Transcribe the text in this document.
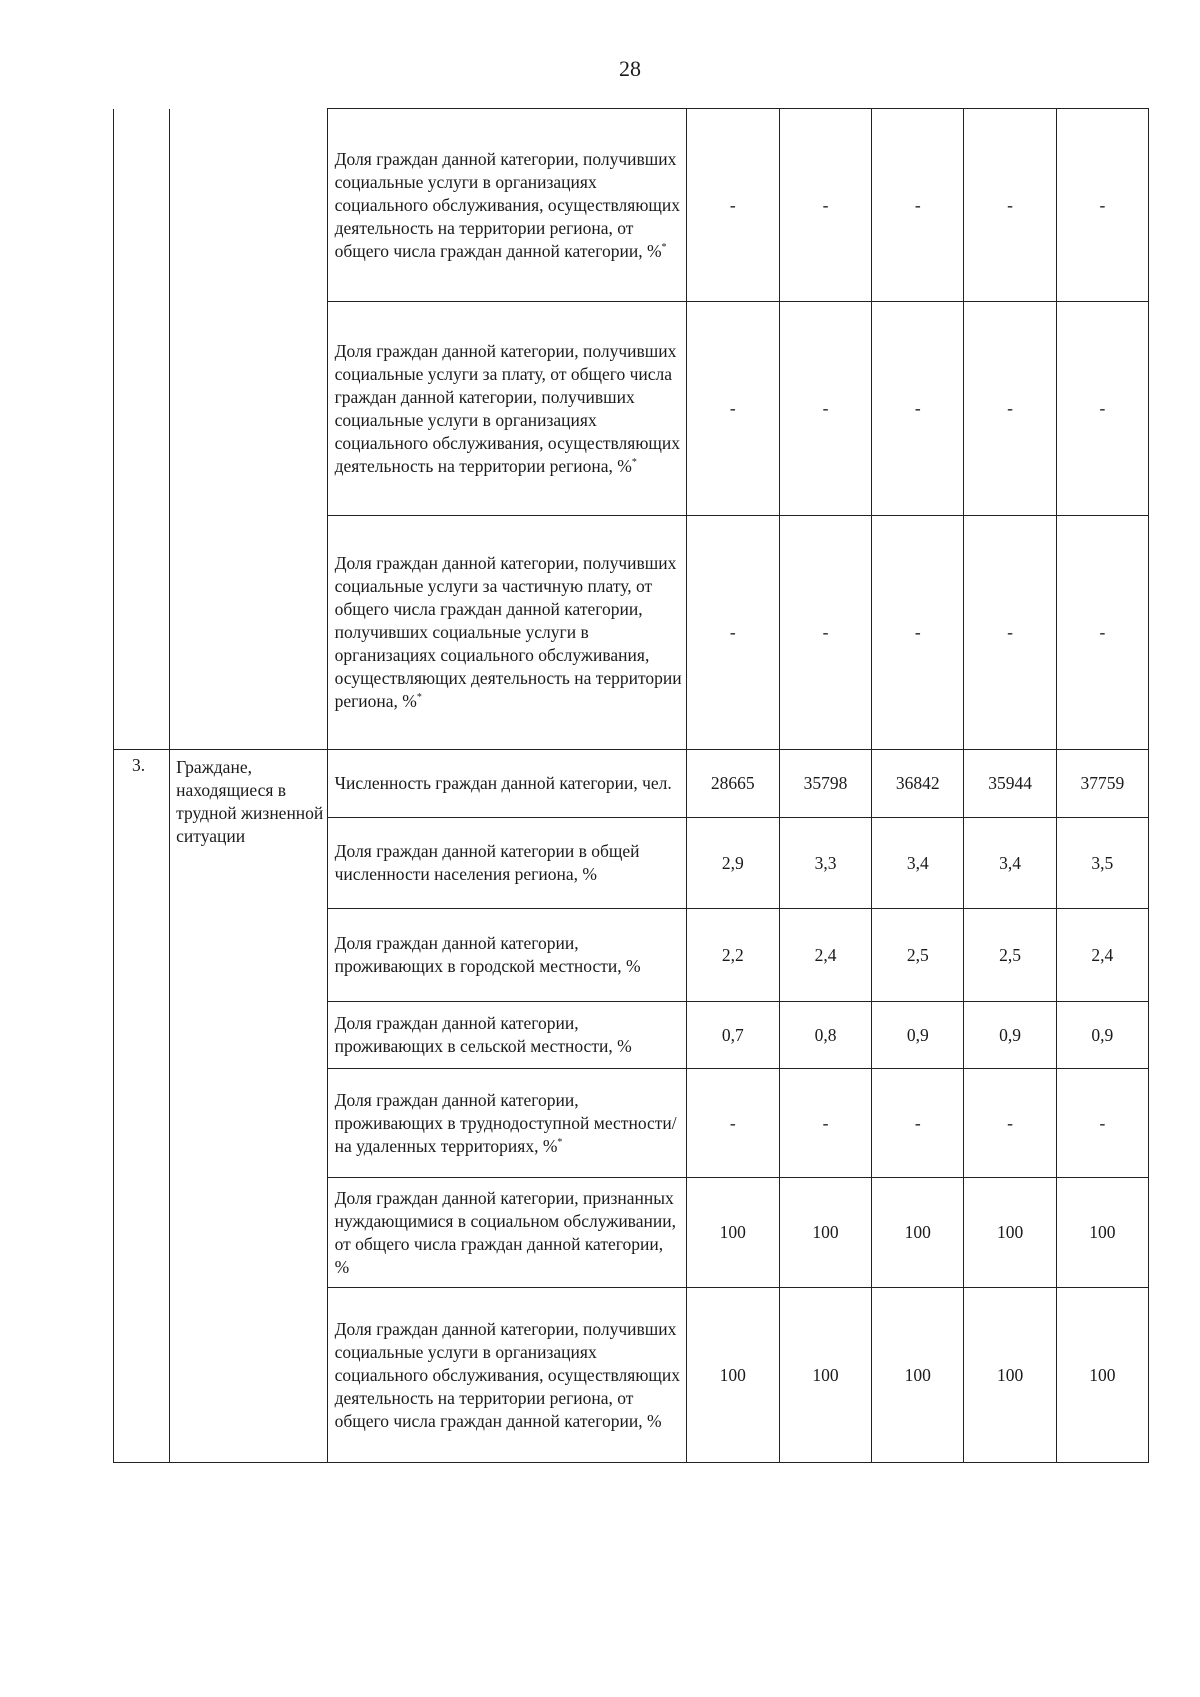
28
		Доля граждан данной категории, получивших социальные услуги в организациях социального обслуживания, осуществляющих деятельность на территории региона, от общего числа граждан данной категории, %*	-	-	-	-	-
		Доля граждан данной категории, получивших социальные услуги за плату, от общего числа граждан данной категории, получивших социальные услуги в организациях социального обслуживания, осуществляющих деятельность на территории региона, %*	-	-	-	-	-
		Доля граждан данной категории, получивших социальные услуги за частичную плату, от общего числа граждан данной категории, получивших социальные услуги в организациях социального обслуживания, осуществляющих деятельность на территории региона, %*	-	-	-	-	-
3.	Граждане, находящиеся в трудной жизненной ситуации	Численность граждан данной категории, чел.	28665	35798	36842	35944	37759
		Доля граждан данной категории в общей численности населения региона, %	2,9	3,3	3,4	3,4	3,5
		Доля граждан данной категории, проживающих в городской местности, %	2,2	2,4	2,5	2,5	2,4
		Доля граждан данной категории, проживающих в сельской местности, %	0,7	0,8	0,9	0,9	0,9
		Доля граждан данной категории, проживающих в труднодоступной местности/на удаленных территориях, %*	-	-	-	-	-
		Доля граждан данной категории, признанных нуждающимися в социальном обслуживании, от общего числа граждан данной категории, %	100	100	100	100	100
		Доля граждан данной категории, получивших социальные услуги в организациях социального обслуживания, осуществляющих деятельность на территории региона, от общего числа граждан данной категории, %	100	100	100	100	100
